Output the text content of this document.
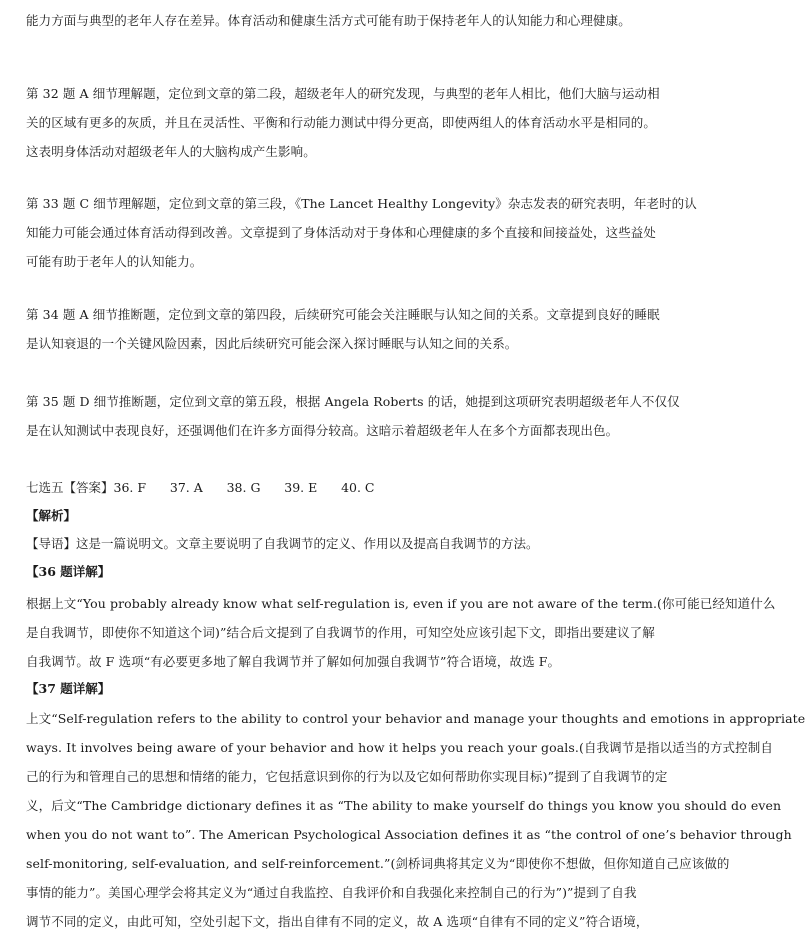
能力方面与典型的老年人存在差异。体育活动和健康生活方式可能有助于保持老年人的认知能力和心理健康。
第 32 题 A 细节理解题，定位到文章的第二段，超级老年人的研究发现，与典型的老年人相比，他们大脑与运动相
关的区域有更多的灰质，并且在灵活性、平衡和行动能力测试中得分更高，即使两组人的体育活动水平是相同的。
这表明身体活动对超级老年人的大脑构成产生影响。
第 33 题 C 细节理解题，定位到文章的第三段，《The Lancet Healthy Longevity》杂志发表的研究表明，年老时的认
知能力可能会通过体育活动得到改善。文章提到了身体活动对于身体和心理健康的多个直接和间接益处，这些益处
可能有助于老年人的认知能力。
第 34 题 A 细节推断题，定位到文章的第四段，后续研究可能会关注睡眠与认知之间的关系。文章提到良好的睡眠
是认知衰退的一个关键风险因素，因此后续研究可能会深入探讨睡眠与认知之间的关系。
第 35 题 D 细节推断题，定位到文章的第五段，根据 Angela Roberts 的话，她提到这项研究表明超级老年人不仅仅
是在认知测试中表现良好，还强调他们在许多方面得分较高。这暗示着超级老年人在多个方面都表现出色。
七选五【答案】36. F      37. A      38. G      39. E      40. C
【解析】
【导语】这是一篇说明文。文章主要说明了自我调节的定义、作用以及提高自我调节的方法。
【36 题详解】
根据上文“You probably already know what self-regulation is, even if you are not aware of the term.(你可能已经知道什么
是自我调节，即使你不知道这个词)”结合后文提到了自我调节的作用，可知空处应该引起下文，即指出要建议了解
自我调节。故 F 选项“有必要更多地了解自我调节并了解如何加强自我调节”符合语境，故选 F。
【37 题详解】
上文“Self-regulation refers to the ability to control your behavior and manage your thoughts and emotions in appropriate
ways. It involves being aware of your behavior and how it helps you reach your goals.(自我调节是指以适当的方式控制自
己的行为和管理自己的思想和情绪的能力，它包括意识到你的行为以及它如何帮助你实现目标)”提到了自我调节的定
义，后文“The Cambridge dictionary defines it as “The ability to make yourself do things you know you should do even
when you do not want to”. The American Psychological Association defines it as “the control of one’s behavior through
self-monitoring, self-evaluation, and self-reinforcement.”(剑桥词典将其定义为“即使你不想做，但你知道自己应该做的
事情的能力”。美国心理学会将其定义为“通过自我监控、自我评价和自我强化来控制自己的行为”)”提到了自我
调节不同的定义，由此可知，空处引起下文，指出自律有不同的定义，故 A 选项“自律有不同的定义”符合语境，
